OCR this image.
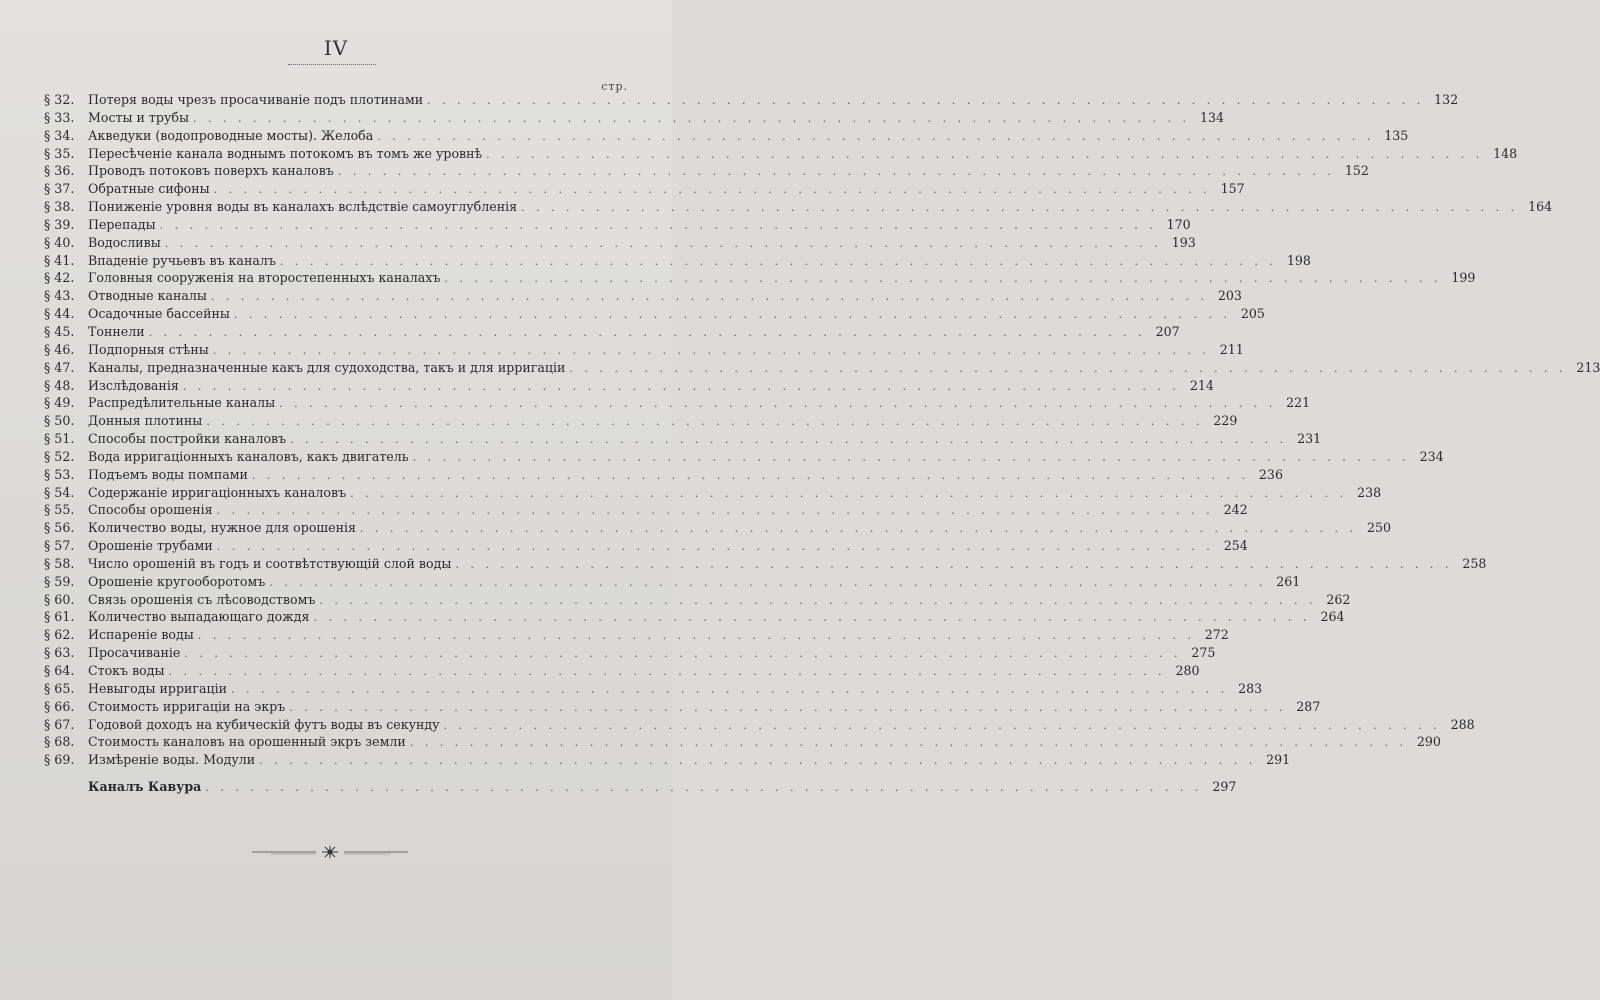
IV
стр.
§ 32.	Потеря воды чрезъ просачиваніе подъ плотинами . . . . . . . . . . . . . . . . . . . . . . . . . . . . . . . . . . . . . . . . . . . . . . . . . . . . . . . . . . . . . . . . . . . 132
§ 33.	Мосты и трубы . . . . . . . . . . . . . . . . . . . . . . . . . . . . . . . . . . . . . . . . . . . . . . . . . . . . . . . . . . . . . . . . . . . 134
§ 34.	Акведуки (водопроводные мосты). Желоба . . . . . . . . . . . . . . . . . . . . . . . . . . . . . . . . . . . . . . . . . . . . . . . . . . . . . . . . . . . . . . . . . . . 135
§ 35.	Пересѣченіе канала воднымъ потокомъ въ томъ же уровнѣ . . . . . . . . . . . . . . . . . . . . . . . . . . . . . . . . . . . . . . . . . . . . . . . . . . . . . . . . . . . . . . . . . . . 148
§ 36.	Проводъ потоковъ поверхъ каналовъ . . . . . . . . . . . . . . . . . . . . . . . . . . . . . . . . . . . . . . . . . . . . . . . . . . . . . . . . . . . . . . . . . . . 152
§ 37.	Обратные сифоны . . . . . . . . . . . . . . . . . . . . . . . . . . . . . . . . . . . . . . . . . . . . . . . . . . . . . . . . . . . . . . . . . . . 157
§ 38.	Пониженіе уровня воды въ каналахъ вслѣдствіе самоуглубленія . . . . . . . . . . . . . . . . . . . . . . . . . . . . . . . . . . . . . . . . . . . . . . . . . . . . . . . . . . . . . . . . . . . 164
§ 39.	Перепады . . . . . . . . . . . . . . . . . . . . . . . . . . . . . . . . . . . . . . . . . . . . . . . . . . . . . . . . . . . . . . . . . . . 170
§ 40.	Водосливы . . . . . . . . . . . . . . . . . . . . . . . . . . . . . . . . . . . . . . . . . . . . . . . . . . . . . . . . . . . . . . . . . . . 193
§ 41.	Впаденіе ручьевъ въ каналъ . . . . . . . . . . . . . . . . . . . . . . . . . . . . . . . . . . . . . . . . . . . . . . . . . . . . . . . . . . . . . . . . . . . 198
§ 42.	Головныя сооруженія на второстепенныхъ каналахъ . . . . . . . . . . . . . . . . . . . . . . . . . . . . . . . . . . . . . . . . . . . . . . . . . . . . . . . . . . . . . . . . . . . 199
§ 43.	Отводные каналы . . . . . . . . . . . . . . . . . . . . . . . . . . . . . . . . . . . . . . . . . . . . . . . . . . . . . . . . . . . . . . . . . . . 203
§ 44.	Осадочные бассейны . . . . . . . . . . . . . . . . . . . . . . . . . . . . . . . . . . . . . . . . . . . . . . . . . . . . . . . . . . . . . . . . . . . 205
§ 45.	Тоннели . . . . . . . . . . . . . . . . . . . . . . . . . . . . . . . . . . . . . . . . . . . . . . . . . . . . . . . . . . . . . . . . . . . 207
§ 46.	Подпорныя стѣны . . . . . . . . . . . . . . . . . . . . . . . . . . . . . . . . . . . . . . . . . . . . . . . . . . . . . . . . . . . . . . . . . . . 211
§ 47.	Каналы, предназначенные какъ для судоходства, такъ и для ирригаціи . . . . . . . . . . . . . . . . . . . . . . . . . . . . . . . . . . . . . . . . . . . . . . . . . . . . . . . . . . . . . . . . . . . 213
§ 48.	Изслѣдованія . . . . . . . . . . . . . . . . . . . . . . . . . . . . . . . . . . . . . . . . . . . . . . . . . . . . . . . . . . . . . . . . . . . 214
§ 49.	Распредѣлительные каналы . . . . . . . . . . . . . . . . . . . . . . . . . . . . . . . . . . . . . . . . . . . . . . . . . . . . . . . . . . . . . . . . . . . 221
§ 50.	Донныя плотины . . . . . . . . . . . . . . . . . . . . . . . . . . . . . . . . . . . . . . . . . . . . . . . . . . . . . . . . . . . . . . . . . . . 229
§ 51.	Способы постройки каналовъ . . . . . . . . . . . . . . . . . . . . . . . . . . . . . . . . . . . . . . . . . . . . . . . . . . . . . . . . . . . . . . . . . . . 231
§ 52.	Вода ирригаціонныхъ каналовъ, какъ двигатель . . . . . . . . . . . . . . . . . . . . . . . . . . . . . . . . . . . . . . . . . . . . . . . . . . . . . . . . . . . . . . . . . . . 234
§ 53.	Подъемъ воды помпами . . . . . . . . . . . . . . . . . . . . . . . . . . . . . . . . . . . . . . . . . . . . . . . . . . . . . . . . . . . . . . . . . . . 236
§ 54.	Содержаніе ирригаціонныхъ каналовъ . . . . . . . . . . . . . . . . . . . . . . . . . . . . . . . . . . . . . . . . . . . . . . . . . . . . . . . . . . . . . . . . . . . 238
§ 55.	Способы орошенія . . . . . . . . . . . . . . . . . . . . . . . . . . . . . . . . . . . . . . . . . . . . . . . . . . . . . . . . . . . . . . . . . . . 242
§ 56.	Количество воды, нужное для орошенія . . . . . . . . . . . . . . . . . . . . . . . . . . . . . . . . . . . . . . . . . . . . . . . . . . . . . . . . . . . . . . . . . . . 250
§ 57.	Орошеніе трубами . . . . . . . . . . . . . . . . . . . . . . . . . . . . . . . . . . . . . . . . . . . . . . . . . . . . . . . . . . . . . . . . . . . 254
§ 58.	Число орошеній въ годъ и соотвѣтствующій слой воды . . . . . . . . . . . . . . . . . . . . . . . . . . . . . . . . . . . . . . . . . . . . . . . . . . . . . . . . . . . . . . . . . . . 258
§ 59.	Орошеніе кругооборотомъ . . . . . . . . . . . . . . . . . . . . . . . . . . . . . . . . . . . . . . . . . . . . . . . . . . . . . . . . . . . . . . . . . . . 261
§ 60.	Связь орошенія съ лѣсоводствомъ . . . . . . . . . . . . . . . . . . . . . . . . . . . . . . . . . . . . . . . . . . . . . . . . . . . . . . . . . . . . . . . . . . . 262
§ 61.	Количество выпадающаго дождя . . . . . . . . . . . . . . . . . . . . . . . . . . . . . . . . . . . . . . . . . . . . . . . . . . . . . . . . . . . . . . . . . . . 264
§ 62.	Испареніе воды . . . . . . . . . . . . . . . . . . . . . . . . . . . . . . . . . . . . . . . . . . . . . . . . . . . . . . . . . . . . . . . . . . . 272
§ 63.	Просачиваніе . . . . . . . . . . . . . . . . . . . . . . . . . . . . . . . . . . . . . . . . . . . . . . . . . . . . . . . . . . . . . . . . . . . 275
§ 64.	Стокъ воды . . . . . . . . . . . . . . . . . . . . . . . . . . . . . . . . . . . . . . . . . . . . . . . . . . . . . . . . . . . . . . . . . . . 280
§ 65.	Невыгоды ирригаціи . . . . . . . . . . . . . . . . . . . . . . . . . . . . . . . . . . . . . . . . . . . . . . . . . . . . . . . . . . . . . . . . . . . 283
§ 66.	Стоимость ирригаціи на экръ . . . . . . . . . . . . . . . . . . . . . . . . . . . . . . . . . . . . . . . . . . . . . . . . . . . . . . . . . . . . . . . . . . . 287
§ 67.	Годовой доходъ на кубическій футъ воды въ секунду . . . . . . . . . . . . . . . . . . . . . . . . . . . . . . . . . . . . . . . . . . . . . . . . . . . . . . . . . . . . . . . . . . . 288
§ 68.	Стоимость каналовъ на орошенный экръ земли . . . . . . . . . . . . . . . . . . . . . . . . . . . . . . . . . . . . . . . . . . . . . . . . . . . . . . . . . . . . . . . . . . . 290
§ 69.	Измѣреніе воды. Модули . . . . . . . . . . . . . . . . . . . . . . . . . . . . . . . . . . . . . . . . . . . . . . . . . . . . . . . . . . . . . . . . . . . 291
Каналъ Кавура . . . . . . . . . . . . . . . . . . . . . . . . . . . . . . . . . . . . . . . . . . . . . . . . . . . . . . . . . . . . . . . . . . . 297
